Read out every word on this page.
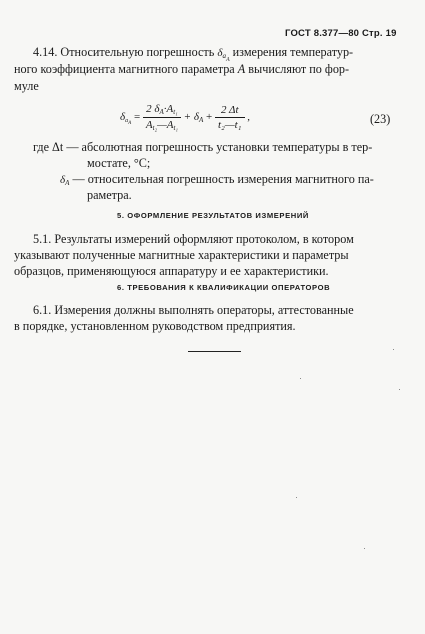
ГОСТ 8.377—80 Стр. 19
4.14. Относительную погрешность $\delta_{aA}$ измерения температур-
ного коэффициента магнитного параметра A вычисляют по фор-
муле
$\delta_{a_A} = \frac{2 \delta_A\cdot A_{t_1}}{A_{t_2}—A_{t_1}} + \delta_A + \frac{2 \Delta t}{\text{t₂—t₁}}$ ,	(23)
где Δt — абсолютная погрешность установки температуры в тер-
мостате, °С;
$\delta_A$ — относительная погрешность измерения магнитного па-
раметра.
5. ОФОРМЛЕНИЕ РЕЗУЛЬТАТОВ ИЗМЕРЕНИЙ
5.1. Результаты измерений оформляют протоколом, в котором
указывают полученные магнитные характеристики и параметры
образцов, применяющуюся аппаратуру и ее характеристики.
6. ТРЕБОВАНИЯ К КВАЛИФИКАЦИИ ОПЕРАТОРОВ
6.1. Измерения должны выполнять операторы, аттестованные
в порядке, установленном руководством предприятия.
